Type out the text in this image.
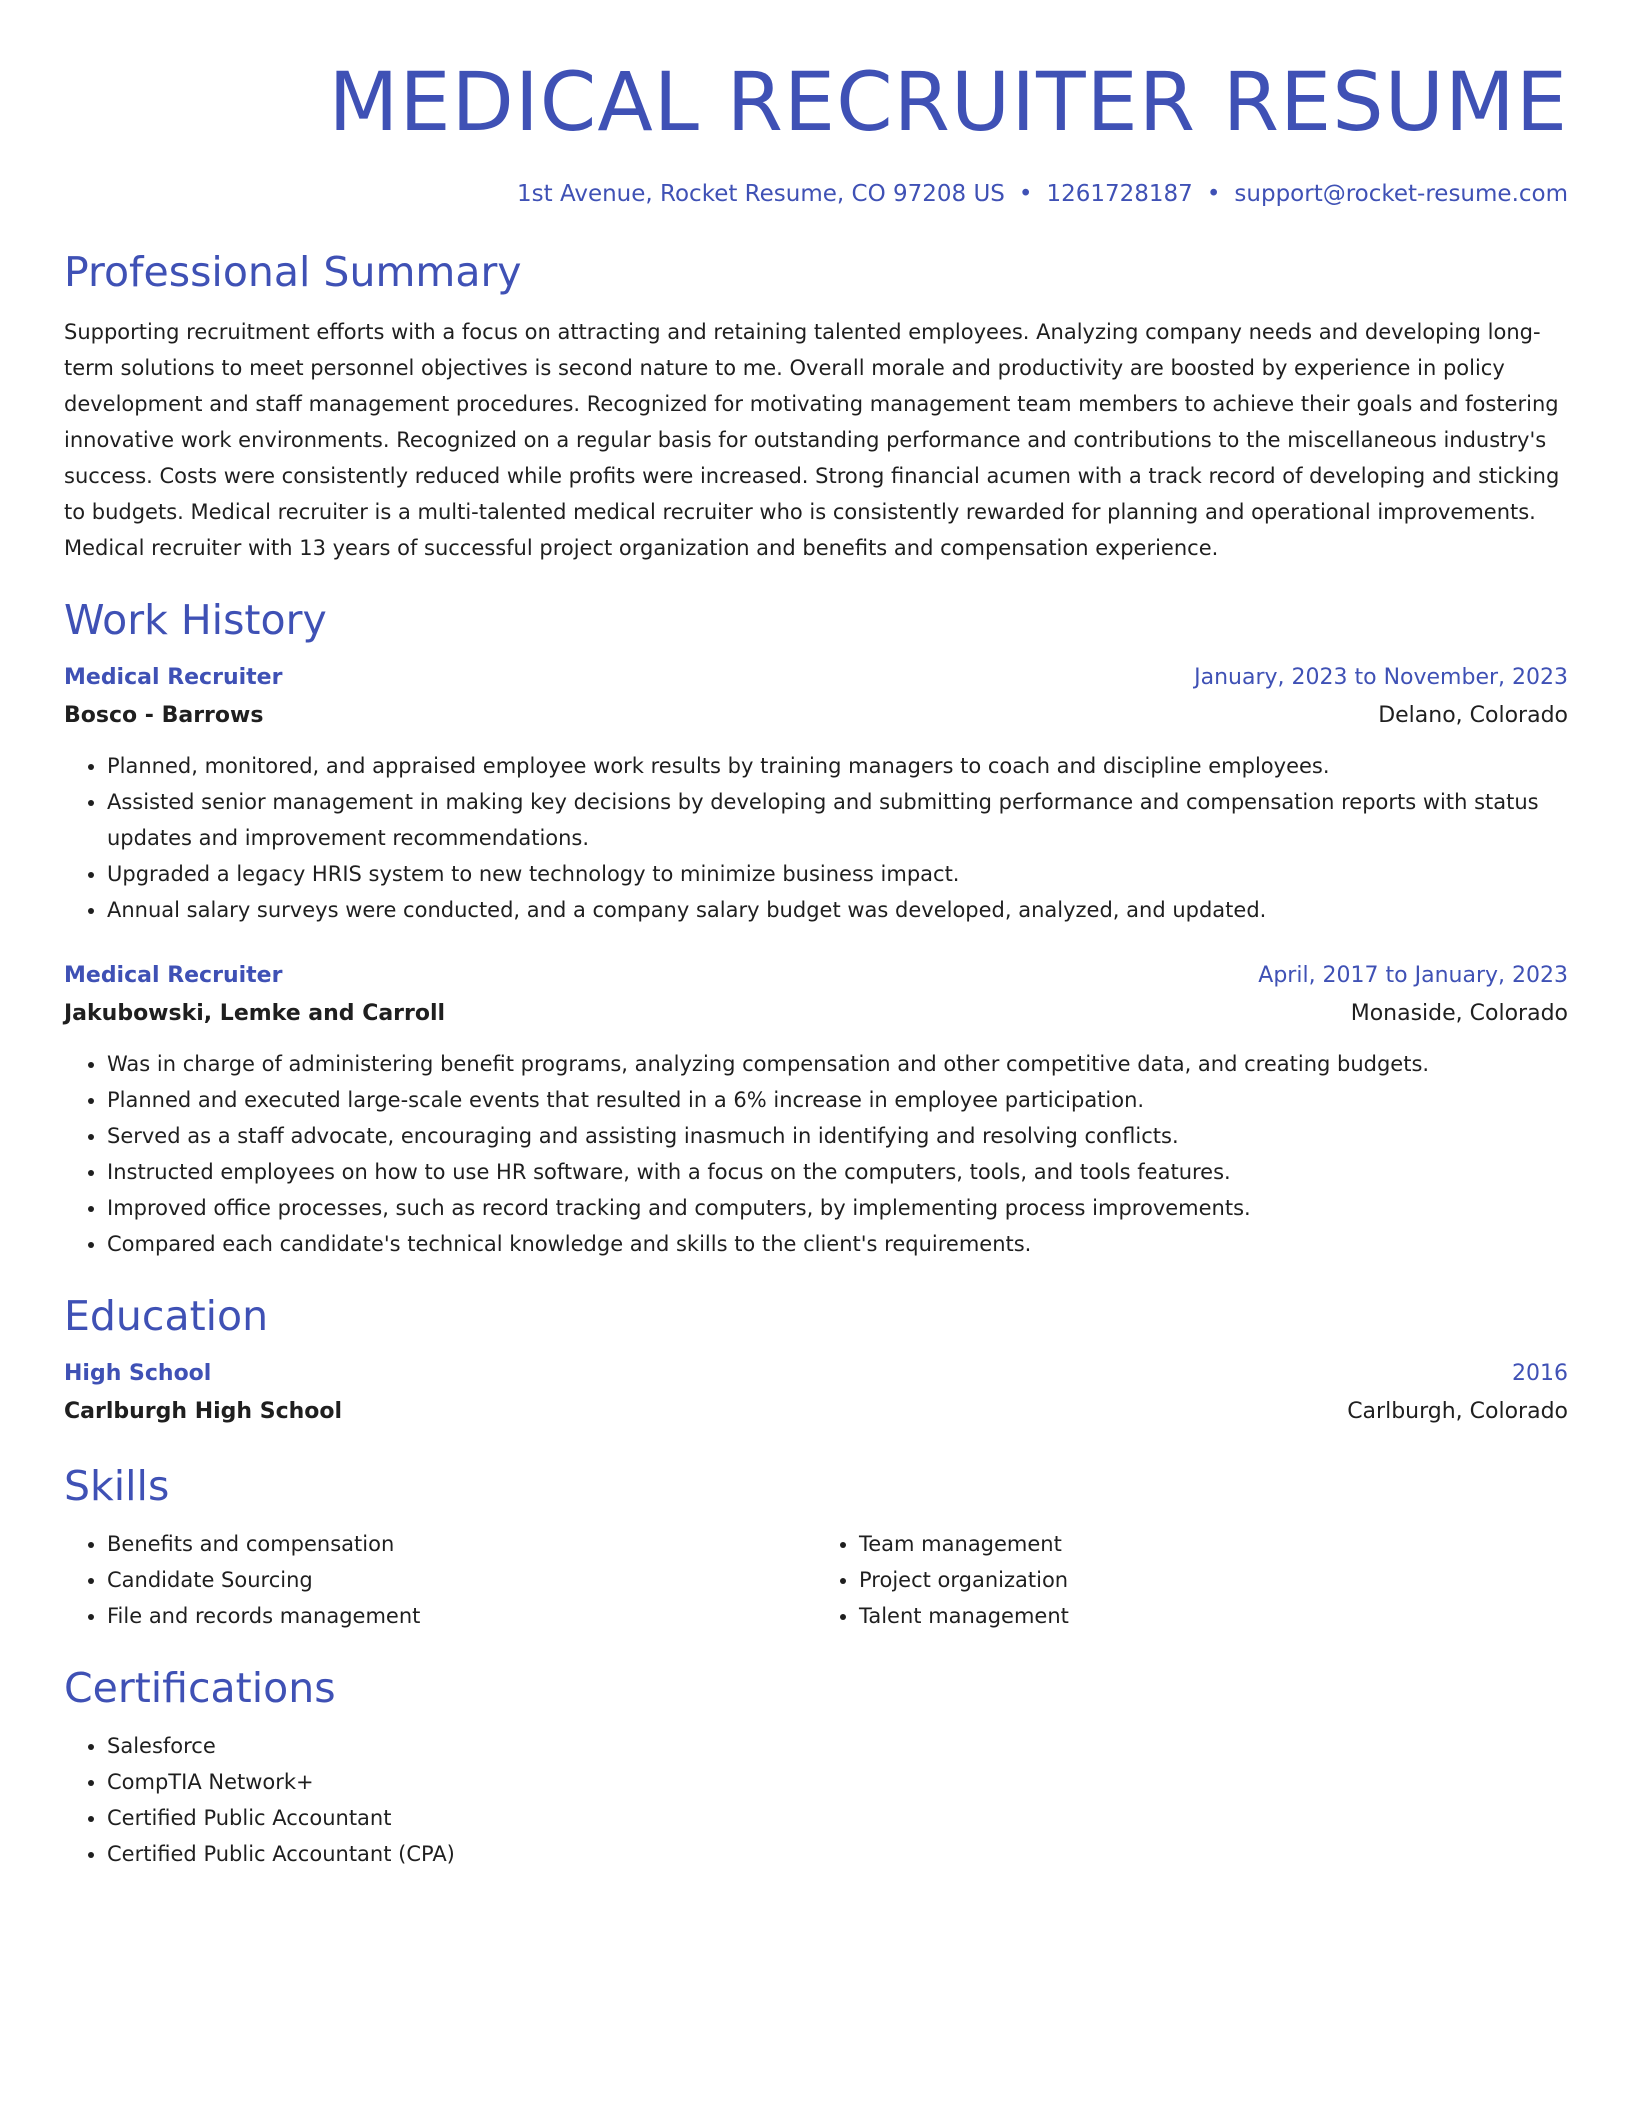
MEDICAL RECRUITER RESUME
1st Avenue, Rocket Resume, CO 97208 US • 1261728187 • support@rocket-resume.com
Professional Summary
Supporting recruitment efforts with a focus on attracting and retaining talented employees. Analyzing company needs and developing long-term solutions to meet personnel objectives is second nature to me. Overall morale and productivity are boosted by experience in policy development and staff management procedures. Recognized for motivating management team members to achieve their goals and fostering innovative work environments. Recognized on a regular basis for outstanding performance and contributions to the miscellaneous industry's success. Costs were consistently reduced while profits were increased. Strong financial acumen with a track record of developing and sticking to budgets. Medical recruiter is a multi-talented medical recruiter who is consistently rewarded for planning and operational improvements. Medical recruiter with 13 years of successful project organization and benefits and compensation experience.
Work History
Medical Recruiter	January, 2023 to November, 2023
Bosco - Barrows	Delano, Colorado
• Planned, monitored, and appraised employee work results by training managers to coach and discipline employees.
• Assisted senior management in making key decisions by developing and submitting performance and compensation reports with status updates and improvement recommendations.
• Upgraded a legacy HRIS system to new technology to minimize business impact.
• Annual salary surveys were conducted, and a company salary budget was developed, analyzed, and updated.
Medical Recruiter	April, 2017 to January, 2023
Jakubowski, Lemke and Carroll	Monaside, Colorado
• Was in charge of administering benefit programs, analyzing compensation and other competitive data, and creating budgets.
• Planned and executed large-scale events that resulted in a 6% increase in employee participation.
• Served as a staff advocate, encouraging and assisting inasmuch in identifying and resolving conflicts.
• Instructed employees on how to use HR software, with a focus on the computers, tools, and tools features.
• Improved office processes, such as record tracking and computers, by implementing process improvements.
• Compared each candidate's technical knowledge and skills to the client's requirements.
Education
High School	2016
Carlburgh High School	Carlburgh, Colorado
Skills
• Benefits and compensation
• Candidate Sourcing
• File and records management
• Team management
• Project organization
• Talent management
Certifications
• Salesforce
• CompTIA Network+
• Certified Public Accountant
• Certified Public Accountant (CPA)
